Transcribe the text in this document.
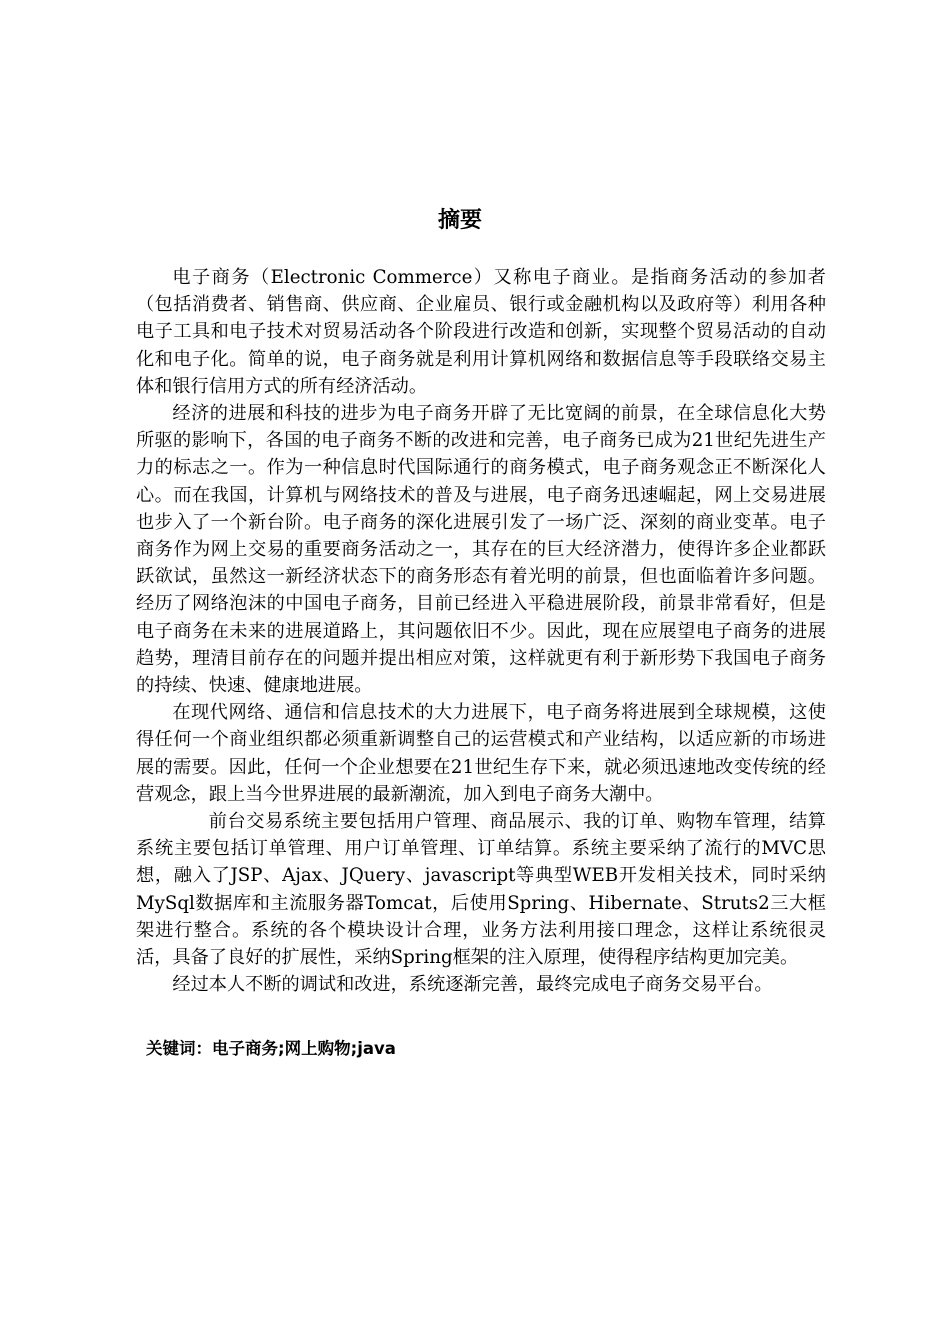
摘要

电子商务（Electronic Commerce）又称电子商业。是指商务活动的参加者（包括消费者、销售商、供应商、企业雇员、银行或金融机构以及政府等）利用各种电子工具和电子技术对贸易活动各个阶段进行改造和创新，实现整个贸易活动的自动化和电子化。简单的说，电子商务就是利用计算机网络和数据信息等手段联络交易主体和银行信用方式的所有经济活动。

经济的进展和科技的进步为电子商务开辟了无比宽阔的前景，在全球信息化大势所驱的影响下，各国的电子商务不断的改进和完善，电子商务已成为21世纪先进生产力的标志之一。作为一种信息时代国际通行的商务模式，电子商务观念正不断深化人心。而在我国，计算机与网络技术的普及与进展，电子商务迅速崛起，网上交易进展也步入了一个新台阶。电子商务的深化进展引发了一场广泛、深刻的商业变革。电子商务作为网上交易的重要商务活动之一，其存在的巨大经济潜力，使得许多企业都跃跃欲试，虽然这一新经济状态下的商务形态有着光明的前景，但也面临着许多问题。经历了网络泡沫的中国电子商务，目前已经进入平稳进展阶段，前景非常看好，但是电子商务在未来的进展道路上，其问题依旧不少。因此，现在应展望电子商务的进展趋势，理清目前存在的问题并提出相应对策，这样就更有利于新形势下我国电子商务的持续、快速、健康地进展。

在现代网络、通信和信息技术的大力进展下，电子商务将进展到全球规模，这使得任何一个商业组织都必须重新调整自己的运营模式和产业结构，以适应新的市场进展的需要。因此，任何一个企业想要在21世纪生存下来，就必须迅速地改变传统的经营观念，跟上当今世界进展的最新潮流，加入到电子商务大潮中。

前台交易系统主要包括用户管理、商品展示、我的订单、购物车管理，结算系统主要包括订单管理、用户订单管理、订单结算。系统主要采纳了流行的MVC思想，融入了JSP、Ajax、JQuery、javascript等典型WEB开发相关技术，同时采纳MySql数据库和主流服务器Tomcat，后使用Spring、Hibernate、Struts2三大框架进行整合。系统的各个模块设计合理，业务方法利用接口理念，这样让系统很灵活，具备了良好的扩展性，采纳Spring框架的注入原理，使得程序结构更加完美。

经过本人不断的调试和改进，系统逐渐完善，最终完成电子商务交易平台。

关键词：电子商务;网上购物;java
